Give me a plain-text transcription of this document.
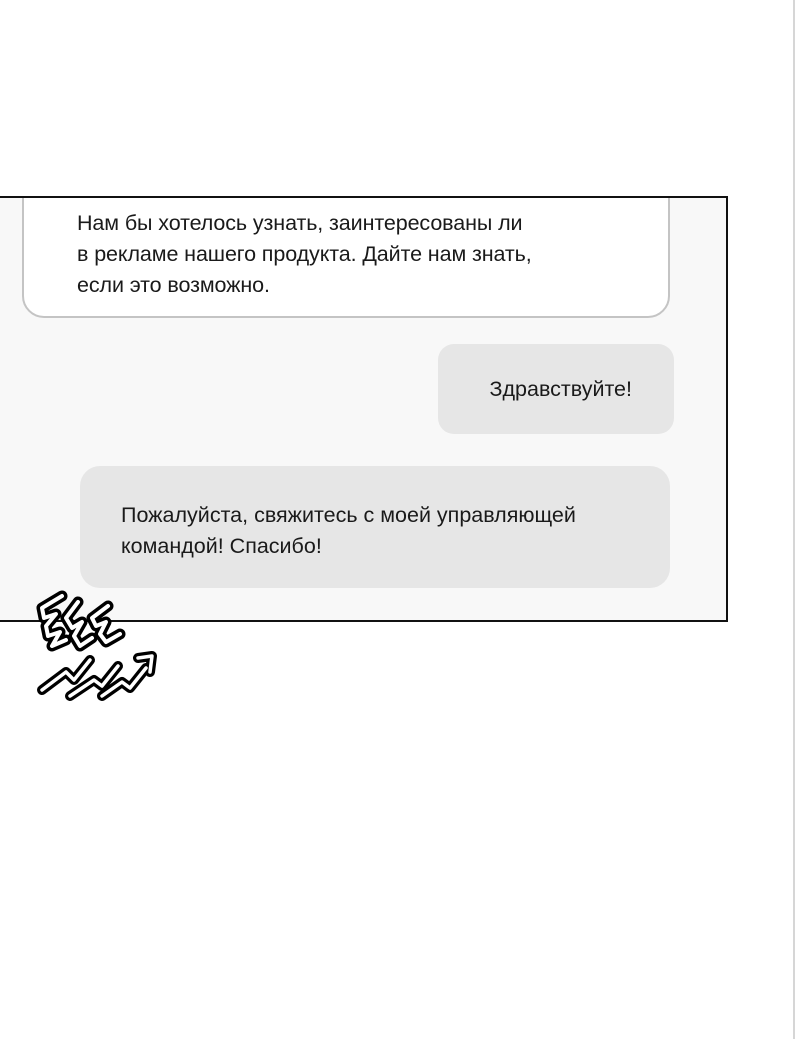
Нам бы хотелось узнать, заинтересованы ли
в рекламе нашего продукта. Дайте нам знать,
если это возможно.
Здравствуйте!
Пожалуйста, свяжитесь с моей управляющей
командой! Спасибо!
